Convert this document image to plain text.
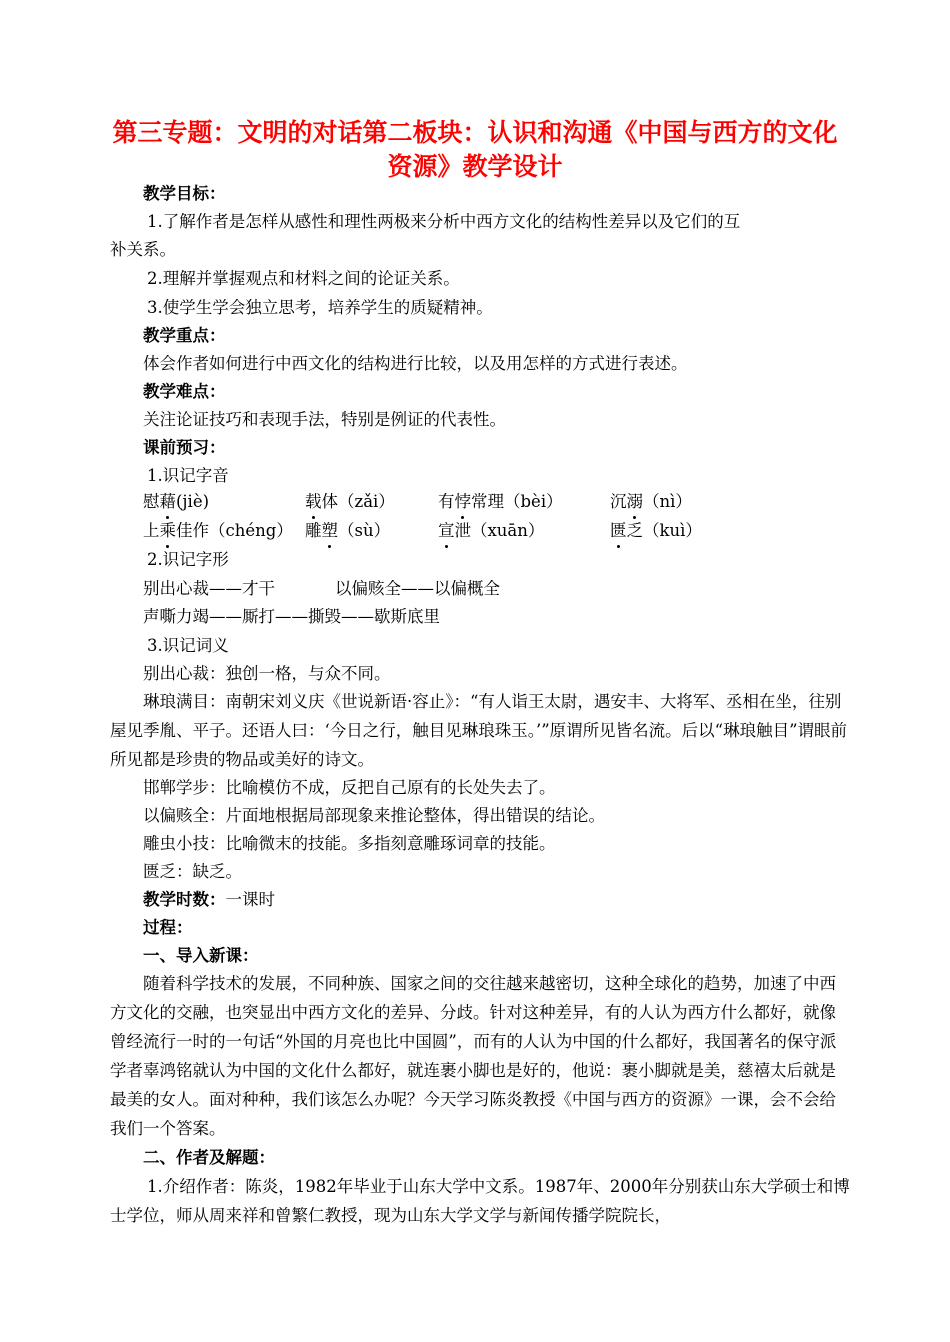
第三专题：文明的对话第二板块：认识和沟通《中国与西方的文化
资源》教学设计
教学目标：
1.了解作者是怎样从感性和理性两极来分析中西方文化的结构性差异以及它们的互
补关系。
2.理解并掌握观点和材料之间的论证关系。
3.使学生学会独立思考，培养学生的质疑精神。
教学重点：
体会作者如何进行中西文化的结构进行比较，以及用怎样的方式进行表述。
教学难点：
关注论证技巧和表现手法，特别是例证的代表性。
课前预习：
1.识记字音
慰藉(jiè)	载体（zǎi）	有悖常理（bèi）	沉溺（nì）
上乘佳作（chéng） 雕塑（sù）	宣泄（xuān）	匮乏（kuì）
2.识记字形
别出心裁——才干	以偏赅全——以偏概全
声嘶力竭——厮打——撕毁——歇斯底里
3.识记词义
别出心裁：独创一格，与众不同。
琳琅满目：南朝宋刘义庆《世说新语·容止》：“有人诣王太尉，遇安丰、大将军、丞相在坐，往别屋见季胤、平子。还语人曰：‘今日之行，触目见琳琅珠玉。’”原谓所见皆名流。后以“琳琅触目”谓眼前所见都是珍贵的物品或美好的诗文。
邯郸学步：比喻模仿不成，反把自己原有的长处失去了。
以偏赅全：片面地根据局部现象来推论整体，得出错误的结论。
雕虫小技：比喻微末的技能。多指刻意雕琢词章的技能。
匮乏：缺乏。
教学时数：一课时
过程：
一、导入新课：
随着科学技术的发展，不同种族、国家之间的交往越来越密切，这种全球化的趋势，加速了中西方文化的交融，也突显出中西方文化的差异、分歧。针对这种差异，有的人认为西方什么都好，就像曾经流行一时的一句话“外国的月亮也比中国圆”，而有的人认为中国的什么都好，我国著名的保守派学者辜鸿铭就认为中国的文化什么都好，就连裹小脚也是好的，他说：裹小脚就是美，慈禧太后就是最美的女人。面对种种，我们该怎么办呢？今天学习陈炎教授《中国与西方的资源》一课，会不会给我们一个答案。
二、作者及解题：
1.介绍作者：陈炎，1982年毕业于山东大学中文系。1987年、2000年分别获山东大学硕士和博士学位，师从周来祥和曾繁仁教授，现为山东大学文学与新闻传播学院院长，
